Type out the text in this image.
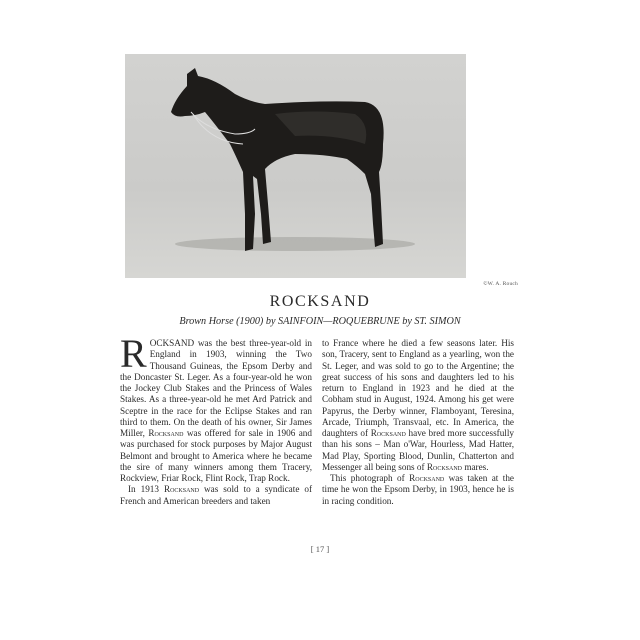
©W. A. Rouch
ROCKSAND
Brown Horse (1900) by SAINFOIN—ROQUEBRUNE by ST. SIMON

ROCKSAND was the best three-year-old in England in 1903, winning the Two Thousand Guineas, the Epsom Derby and the Doncaster St. Leger. As a four-year-old he won the Jockey Club Stakes and the Princess of Wales Stakes. As a three-year-old he met Ard Patrick and Sceptre in the race for the Eclipse Stakes and ran third to them. On the death of his owner, Sir James Miller, Rocksand was offered for sale in 1906 and was purchased for stock purposes by Major August Belmont and brought to America where he became the sire of many winners among them Tracery, Rockview, Friar Rock, Flint Rock, Trap Rock.

In 1913 Rocksand was sold to a syndicate of French and American breeders and taken

to France where he died a few seasons later. His son, Tracery, sent to England as a yearling, won the St. Leger, and was sold to go to the Argentine; the great success of his sons and daughters led to his return to England in 1923 and he died at the Cobham stud in August, 1924. Among his get were Papyrus, the Derby winner, Flamboyant, Teresina, Arcade, Triumph, Transvaal, etc. In America, the daughters of Rocksand have bred more successfully than his sons – Man o'War, Hourless, Mad Hatter, Mad Play, Sporting Blood, Dunlin, Chatterton and Messenger all being sons of Rocksand mares.

This photograph of Rocksand was taken at the time he won the Epsom Derby, in 1903, hence he is in racing condition.

[ 17 ]
